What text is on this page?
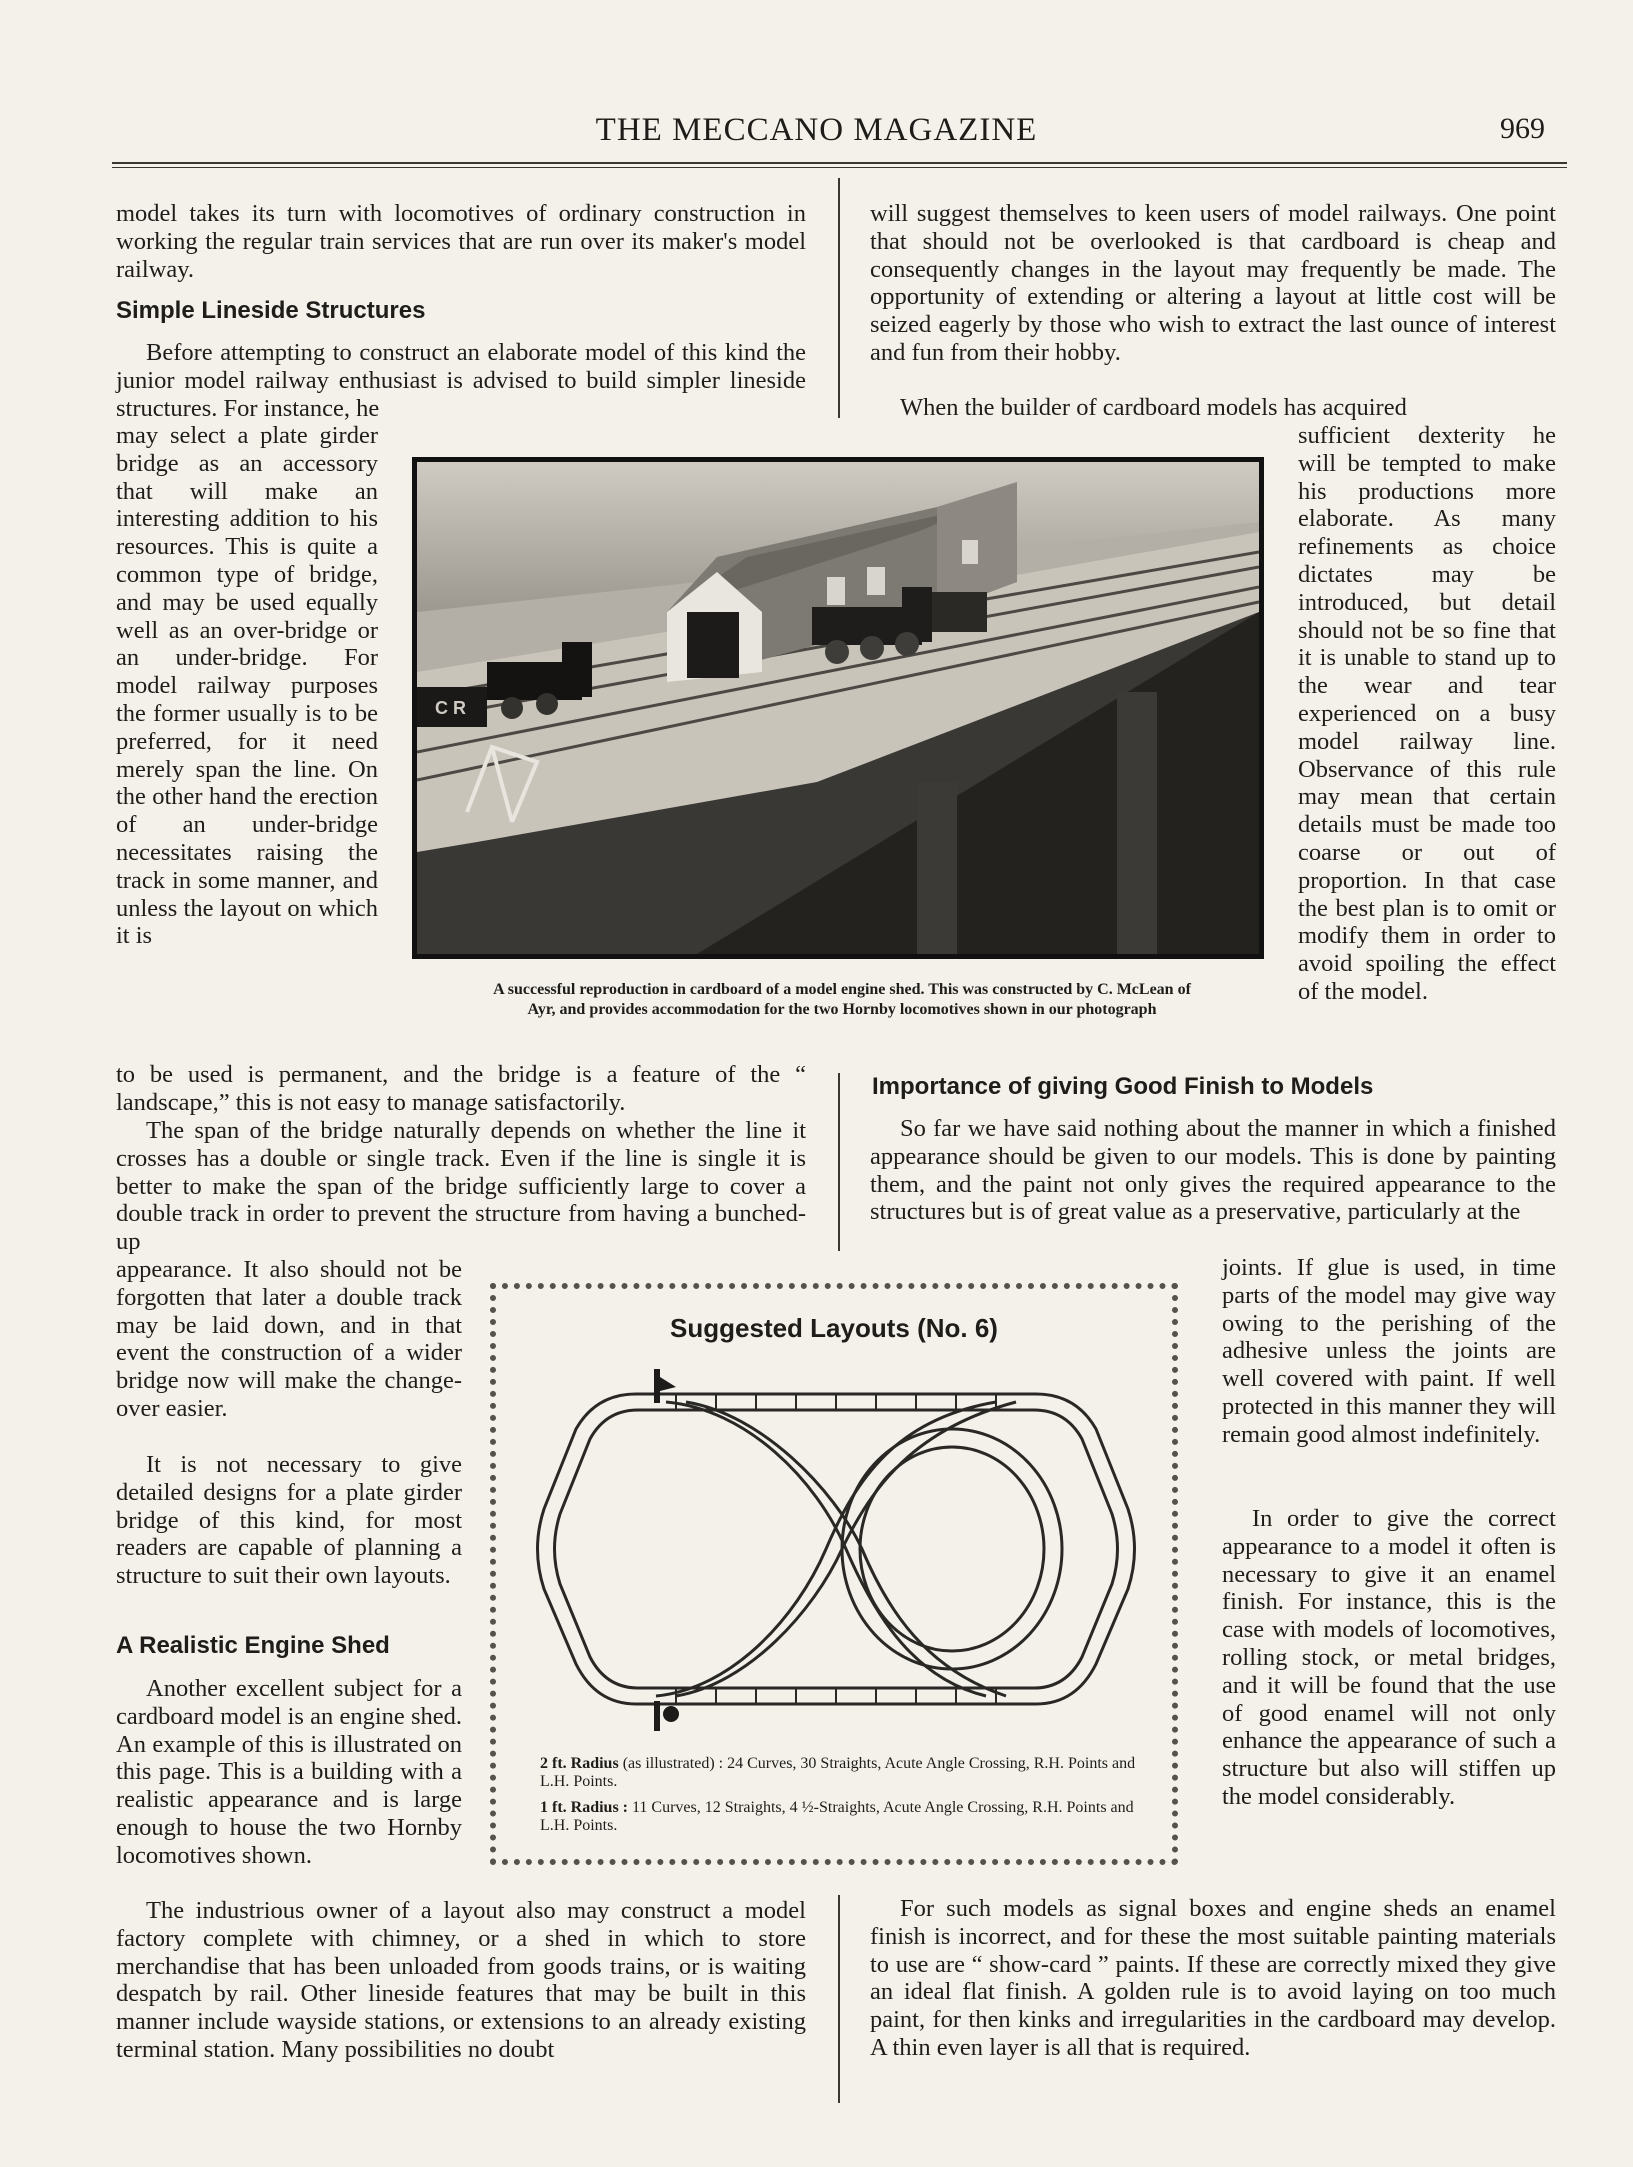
THE MECCANO MAGAZINE	969

model takes its turn with locomotives of ordinary construction in working the regular train services that are run over its maker's model railway.

Simple Lineside Structures

Before attempting to construct an elaborate model of this kind the junior model railway enthusiast is advised to build simpler lineside structures. For instance, he

may select a plate girder bridge as an accessory that will make an interesting addition to his resources. This is quite a common type of bridge, and may be used equally well as an over-bridge or an under-bridge. For model railway purposes the former usually is to be preferred, for it need merely span the line. On the other hand the erection of an under-bridge necessitates raising the track in some manner, and unless the layout on which it is

to be used is permanent, and the bridge is a feature of the “ landscape,” this is not easy to manage satisfactorily.

The span of the bridge naturally depends on whether the line it crosses has a double or single track. Even if the line is single it is better to make the span of the bridge sufficiently large to cover a double track in order to prevent the structure from having a bunched-up

appearance. It also should not be forgotten that later a double track may be laid down, and in that event the construction of a wider bridge now will make the change-over easier.

It is not necessary to give detailed designs for a plate girder bridge of this kind, for most readers are capable of planning a structure to suit their own layouts.

A Realistic Engine Shed

Another excellent subject for a cardboard model is an engine shed. An example of this is illustrated on this page. This is a building with a realistic appearance and is large enough to house the two Hornby locomotives shown.

The industrious owner of a layout also may construct a model factory complete with chimney, or a shed in which to store merchandise that has been unloaded from goods trains, or is waiting despatch by rail. Other lineside features that may be built in this manner include wayside stations, or extensions to an already existing terminal station. Many possibilities no doubt

will suggest themselves to keen users of model railways. One point that should not be overlooked is that cardboard is cheap and consequently changes in the layout may frequently be made. The opportunity of extending or altering a layout at little cost will be seized eagerly by those who wish to extract the last ounce of interest and fun from their hobby.

When the builder of cardboard models has acquired

sufficient dexterity he will be tempted to make his productions more elaborate. As many refinements as choice dictates may be introduced, but detail should not be so fine that it is unable to stand up to the wear and tear experienced on a busy model railway line. Observance of this rule may mean that certain details must be made too coarse or out of proportion. In that case the best plan is to omit or modify them in order to avoid spoiling the effect of the model.

Importance of giving Good Finish to Models

So far we have said nothing about the manner in which a finished appearance should be given to our models. This is done by painting them, and the paint not only gives the required appearance to the structures but is of great value as a preservative, particularly at the

joints. If glue is used, in time parts of the model may give way owing to the perishing of the adhesive unless the joints are well covered with paint. If well protected in this manner they will remain good almost indefinitely.

In order to give the correct appearance to a model it often is necessary to give it an enamel finish. For instance, this is the case with models of locomotives, rolling stock, or metal bridges, and it will be found that the use of good enamel will not only enhance the appearance of such a structure but also will stiffen up the model considerably.

For such models as signal boxes and engine sheds an enamel finish is incorrect, and for these the most suitable painting materials to use are “ show-card ” paints. If these are correctly mixed they give an ideal flat finish. A golden rule is to avoid laying on too much paint, for then kinks and irregularities in the cardboard may develop. A thin even layer is all that is required.

C R
A successful reproduction in cardboard of a model engine shed. This was constructed by C. McLean of
Ayr, and provides accommodation for the two Hornby locomotives shown in our photograph
Suggested Layouts (No. 6)
2 ft. Radius (as illustrated) : 24 Curves, 30 Straights, Acute Angle Crossing, R.H. Points and L.H. Points.
1 ft. Radius : 11 Curves, 12 Straights, 4 ½-Straights, Acute Angle Crossing, R.H. Points and L.H. Points.
